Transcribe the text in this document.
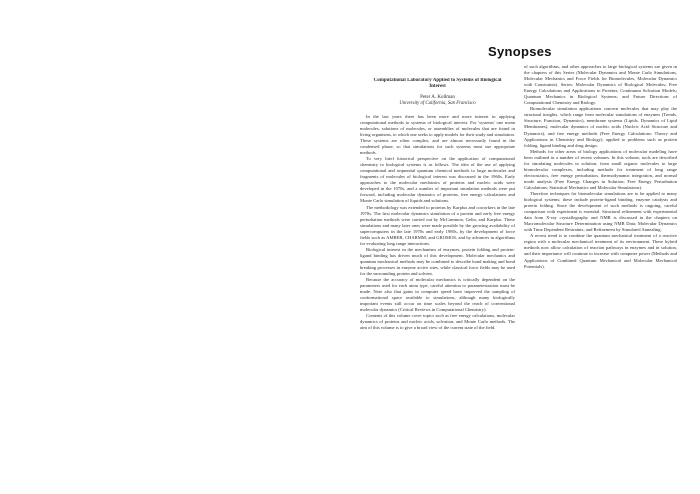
Synopses
Computational Laboratory Applied to Systems of Biological Interest
Peter A. Kollman
University of California, San Francisco

In the last years there has been more and more interest in applying computational methods to systems of biological interest. For 'systems' one mean molecules, solutions of molecules, or assemblies of molecules that are found in living organisms, to which one seeks to apply models for their study and simulation. These systems are often complex, and are almost necessarily found in the condensed phase, so that simulations for such systems must use appropriate methods.

To very brief historical perspective on the application of computational chemistry to biological systems is as follows. The idea of the use of applying computational and sequential quantum chemical methods to large molecules and fragments of molecules of biological interest was discussed in the 1960s. Early approaches to the molecular mechanics of proteins and nucleic acids were developed in the 1970s, and a number of important simulation methods were put forward, including molecular dynamics of proteins, free energy calculations and Monte Carlo simulation of liquids and solutions.

The methodology was extended to proteins by Karplus and coworkers in the late 1970s. The first molecular dynamics simulation of a protein and early free energy perturbation methods were carried out by McCammon, Gelin, and Karplus. These simulations and many later ones were made possible by the growing availability of supercomputers in the late 1970s and early 1980s, by the development of force fields such as AMBER, CHARMM, and GROMOS, and by advances in algorithms for evaluating long range interactions.

Biological interest in the mechanism of enzymes, protein folding and protein-ligand binding has driven much of this development. Molecular mechanics and quantum mechanical methods may be combined to describe bond making and bond breaking processes in enzyme active sites, while classical force fields may be used for the surrounding protein and solvent.

Because the accuracy of molecular mechanics is critically dependent on the parameters used for each atom type, careful attention to parameterization must be made. Note also that gains in computer speed have improved the sampling of conformational space available to simulations, although many biologically important events still occur on time scales beyond the reach of conventional molecular dynamics (Critical Reviews in Computational Chemistry).

Contents of this volume cover topics such as free energy calculations, molecular dynamics of proteins and nucleic acids, solvation, and Monte Carlo methods. The aim of this volume is to give a broad view of the current state of the field.

of such algorithms, and other approaches to large biological systems are given in the chapters of this Series (Molecular Dynamics and Monte Carlo Simulations, Molecular Mechanics and Force Fields for Biomolecules, Molecular Dynamics with Constraints). Series: Molecular Dynamics of Biological Molecules; Free Energy Calculations and Applications to Proteins; Continuum Solvation Models; Quantum Mechanics in Biological Systems; and Future Directions of Computational Chemistry and Biology.

Biomolecular simulation applications concern molecules that may play the structural insights, which range from molecular simulations of enzymes (Trends, Structure, Function, Dynamics), membrane systems (Lipids, Dynamics of Lipid Membranes), molecular dynamics of nucleic acids (Nucleic Acid Structure and Dynamics), and free energy methods (Free Energy Calculations: Theory and Applications in Chemistry and Biology), applied to problems such as protein folding, ligand binding and drug design.

Methods for other areas of biology applications of molecular modeling have been outlined in a number of recent volumes. In this volume, tools are described for simulating molecules in solution, from small organic molecules to large biomolecular complexes, including methods for treatment of long range electrostatics, free energy perturbation, thermodynamic integration, and normal mode analysis (Free Energy Changes in Solution; Free Energy Perturbation Calculations; Statistical Mechanics and Molecular Simulations).

Therefore techniques for biomolecular simulations are to be applied to many biological systems; these include protein-ligand binding, enzyme catalysis and protein folding. Since the development of such methods is ongoing, careful comparison with experiment is essential. Structural refinement with experimental data from X-ray crystallography and NMR is discussed in the chapters on Macromolecular Structure Determination using NMR Data; Molecular Dynamics with Time Dependent Restraints; and Refinement by Simulated Annealing.

A recent trend is to combine the quantum mechanical treatment of a reactive region with a molecular mechanical treatment of its environment. These hybrid methods now allow calculation of reaction pathways in enzymes and in solution, and their importance will continue to increase with computer power (Methods and Applications of Combined Quantum Mechanical and Molecular Mechanical Potentials).
